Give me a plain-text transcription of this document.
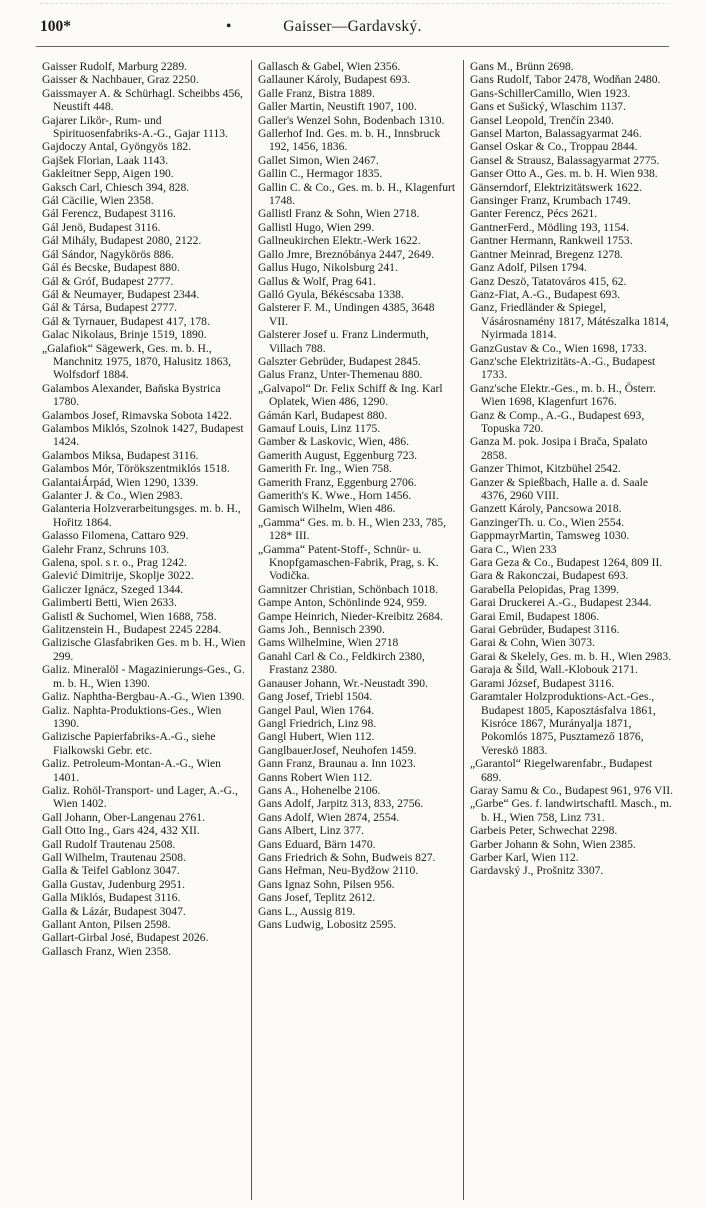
100*	•	Gaisser—Gardavský.

Gaisser Rudolf, Marburg 2289.

Gaisser & Nachbauer, Graz 2250.

Gaissmayer A. & Schürhagl. Scheibbs 456, Neustift 448.

Gajarer Likör-, Rum- und Spirituosenfabriks-A.-G., Gajar 1113.

Gajdoczy Antal, Gyöngyös 182.

Gajšek Florian, Laak 1143.

Gakleitner Sepp, Aigen 190.

Gaksch Carl, Chiesch 394, 828.

Gál Cäcilie, Wien 2358.

Gál Ferencz, Budapest 3116.

Gál Jenö, Budapest 3116.

Gál Mihály, Budapest 2080, 2122.

Gál Sándor, Nagykörös 886.

Gál és Becske, Budapest 880.

Gál & Gróf, Budapest 2777.

Gál & Neumayer, Budapest 2344.

Gál & Társa, Budapest 2777.

Gál & Tyrnauer, Budapest 417, 178.

Galac Nikolaus, Brinje 1519, 1890.

„Galafiok“ Sägewerk, Ges. m. b. H., Manchnitz 1975, 1870, Halusitz 1863, Wolfsdorf 1884.

Galambos Alexander, Baňska Bystrica 1780.

Galambos Josef, Rimavska Sobota 1422.

Galambos Miklós, Szolnok 1427, Budapest 1424.

Galambos Miksa, Budapest 3116.

Galambos Mór, Törökszentmiklós 1518.

GalantaiÁrpád, Wien 1290, 1339.

Galanter J. & Co., Wien 2983.

Galanteria Holzverarbeitungsges. m. b. H., Hořitz 1864.

Galasso Filomena, Cattaro 929.

Galehr Franz, Schruns 103.

Galena, spol. s r. o., Prag 1242.

Galević Dimitrije, Skoplje 3022.

Galiczer Ignácz, Szeged 1344.

Galimberti Betti, Wien 2633.

Galistl & Suchomel, Wien 1688, 758.

Galitzenstein H., Budapest 2245 2284.

Galizische Glasfabriken Ges. m b. H., Wien 299.

Galiz. Mineralöl - Magazinierungs-Ges., G. m. b. H., Wien 1390.

Galiz. Naphtha-Bergbau-A.-G., Wien 1390.

Galiz. Naphta-Produktions-Ges., Wien 1390.

Galizische Papierfabriks-A.-G., siehe Fialkowski Gebr. etc.

Galiz. Petroleum-Montan-A.-G., Wien 1401.

Galiz. Rohöl-Transport- und Lager, A.-G., Wien 1402.

Gall Johann, Ober-Langenau 2761.

Gall Otto Ing., Gars 424, 432 XII.

Gall Rudolf Trautenau 2508.

Gall Wilhelm, Trautenau 2508.

Galla & Teifel Gablonz 3047.

Galla Gustav, Judenburg 2951.

Galla Miklós, Budapest 3116.

Galla & Lázár, Budapest 3047.

Gallant Anton, Pilsen 2598.

Gallart-Girbal José, Budapest 2026.

Gallasch Franz, Wien 2358.

Gallasch & Gabel, Wien 2356.

Gallauner Károly, Budapest 693.

Galle Franz, Bistra 1889.

Galler Martin, Neustift 1907, 100.

Galler's Wenzel Sohn, Bodenbach 1310.

Gallerhof Ind. Ges. m. b. H., Innsbruck 192, 1456, 1836.

Gallet Simon, Wien 2467.

Gallin C., Hermagor 1835.

Gallin C. & Co., Ges. m. b. H., Klagenfurt 1748.

Gallistl Franz & Sohn, Wien 2718.

Gallistl Hugo, Wien 299.

Gallneukirchen Elektr.-Werk 1622.

Gallo Jmre, Breznóbánya 2447, 2649.

Gallus Hugo, Nikolsburg 241.

Gallus & Wolf, Prag 641.

Galló Gyula, Békéscsaba 1338.

Galsterer F. M., Undingen 4385, 3648 VII.

Galsterer Josef u. Franz Lindermuth, Villach 788.

Galszter Gebrüder, Budapest 2845.

Galus Franz, Unter-Themenau 880.

„Galvapol“ Dr. Felix Schiff & Ing. Karl Oplatek, Wien 486, 1290.

Gámán Karl, Budapest 880.

Gamauf Louis, Linz 1175.

Gamber & Laskovic, Wien, 486.

Gamerith August, Eggenburg 723.

Gamerith Fr. Ing., Wien 758.

Gamerith Franz, Eggenburg 2706.

Gamerith's K. Wwe., Horn 1456.

Gamisch Wilhelm, Wien 486.

„Gamma“ Ges. m. b. H., Wien 233, 785, 128* III.

„Gamma“ Patent-Stoff-, Schnür- u. Knopfgamaschen-Fabrik, Prag, s. K. Vodička.

Gamnitzer Christian, Schönbach 1018.

Gampe Anton, Schönlinde 924, 959.

Gampe Heinrich, Nieder-Kreibitz 2684.

Gams Joh., Bennisch 2390.

Gams Wilhelmine, Wien 2718

Ganahl Carl & Co., Feldkirch 2380, Frastanz 2380.

Ganauser Johann, Wr.-Neustadt 390.

Gang Josef, Triebl 1504.

Gangel Paul, Wien 1764.

Gangl Friedrich, Linz 98.

Gangl Hubert, Wien 112.

GanglbauerJosef, Neuhofen 1459.

Gann Franz, Braunau a. Inn 1023.

Ganns Robert Wien 112.

Gans A., Hohenelbe 2106.

Gans Adolf, Jarpitz 313, 833, 2756.

Gans Adolf, Wien 2874, 2554.

Gans Albert, Linz 377.

Gans Eduard, Bärn 1470.

Gans Friedrich & Sohn, Budweis 827.

Gans Heřman, Neu-Bydžow 2110.

Gans Ignaz Sohn, Pilsen 956.

Gans Josef, Teplitz 2612.

Gans L., Aussig 819.

Gans Ludwig, Lobositz 2595.

Gans M., Brünn 2698.

Gans Rudolf, Tabor 2478, Wodňan 2480.

Gans-SchillerCamillo, Wien 1923.

Gans et Sušický, Wlaschim 1137.

Gansel Leopold, Trenčín 2340.

Gansel Marton, Balassagyarmat 246.

Gansel Oskar & Co., Troppau 2844.

Gansel & Strausz, Balassagyarmat 2775.

Ganser Otto A., Ges. m. b. H. Wien 938.

Gänserndorf, Elektrizitätswerk 1622.

Gansinger Franz, Krumbach 1749.

Ganter Ferencz, Pécs 2621.

GantnerFerd., Mödling 193, 1154.

Gantner Hermann, Rankweil 1753.

Gantner Meinrad, Bregenz 1278.

Ganz Adolf, Pilsen 1794.

Ganz Deszö, Tatatováros 415, 62.

Ganz-Fiat, A.-G., Budapest 693.

Ganz, Friedländer & Spiegel, Vásárosnamény 1817, Mátészalka 1814, Nyirmada 1814.

GanzGustav & Co., Wien 1698, 1733.

Ganz'sche Elektrizitäts-A.-G., Budapest 1733.

Ganz'sche Elektr.-Ges., m. b. H., Österr. Wien 1698, Klagenfurt 1676.

Ganz & Comp., A.-G., Budapest 693, Topuska 720.

Ganza M. pok. Josipa i Brača, Spalato 2858.

Ganzer Thimot, Kitzbühel 2542.

Ganzer & Spießbach, Halle a. d. Saale 4376, 2960 VIII.

Ganzett Károly, Pancsowa 2018.

GanzingerTh. u. Co., Wien 2554.

GappmayrMartin, Tamsweg 1030.

Gara C., Wien 233

Gara Geza & Co., Budapest 1264, 809 II.

Gara & Rakonczai, Budapest 693.

Garabella Pelopidas, Prag 1399.

Garai Druckerei A.-G., Budapest 2344.

Garai Emil, Budapest 1806.

Garai Gebrüder, Budapest 3116.

Garai & Cohn, Wien 3073.

Garai & Skelely, Ges. m. b. H., Wien 2983.

Garaja & Šild, Wall.-Klobouk 2171.

Garami József, Budapest 3116.

Garamtaler Holzproduktions-Act.-Ges., Budapest 1805, Kaposztásfalva 1861, Kisróce 1867, Murányalja 1871, Pokomlós 1875, Pusztamező 1876, Vereskö 1883.

„Garantol“ Riegelwarenfabr., Budapest 689.

Garay Samu & Co., Budapest 961, 976 VII.

„Garbe“ Ges. f. landwirtschaftl. Masch., m. b. H., Wien 758, Linz 731.

Garbeis Peter, Schwechat 2298.

Garber Johann & Sohn, Wien 2385.

Garber Karl, Wien 112.

Gardavský J., Prošnitz 3307.
